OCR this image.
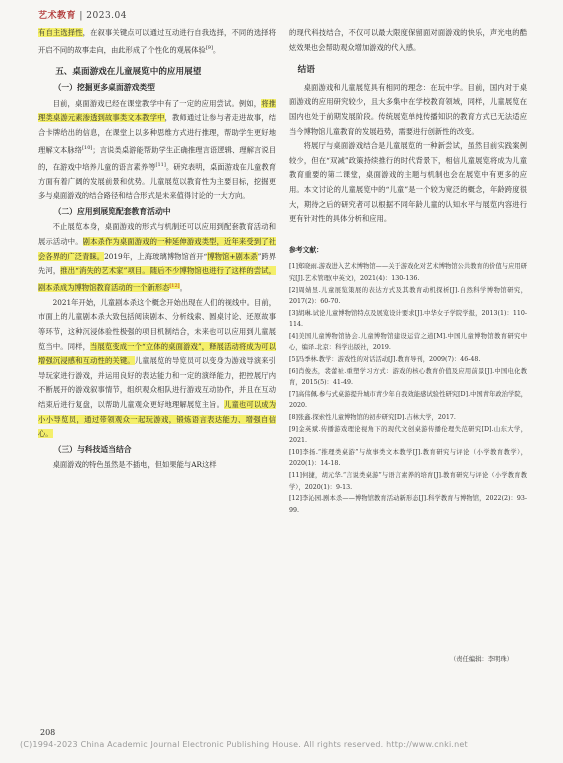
艺术教育 | 2023.04

有自主选择性，在叙事关键点可以通过互动进行自我选择，不同的选择将开启不同的故事走向，由此形成了个性化的观展体验[9]。

五、桌面游戏在儿童展览中的应用展望
（一）挖掘更多桌面游戏类型

目前，桌面游戏已经在课堂教学中有了一定的应用尝试。例如，将推理类桌游元素渗透到故事类文本教学中，教师通过让参与者走进故事，结合卡牌给出的信息，在课堂上以多种思维方式进行推理，帮助学生更好地理解文本脉络[10]；言说类桌游能帮助学生正确推理言语逻辑、理解言说目的，在游戏中培养儿童的语言素养等[11]。研究表明，桌面游戏在儿童教育方面有着广阔的发展前景和优势。儿童展览以教育性为主要目标，挖掘更多与桌面游戏的结合路径和结合形式是未来值得讨论的一大方向。

（二）应用到展览配套教育活动中

不止展览本身，桌面游戏的形式与机制还可以应用到配套教育活动和展示活动中。剧本杀作为桌面游戏的一种延伸游戏类型，近年来受到了社会各界的广泛青睐。2019年，上海玻璃博物馆首开“博物馆+剧本杀”跨界先河，推出“消失的艺术家”项目。随后不少博物馆也进行了这样的尝试，剧本杀成为博物馆教育活动的一个新形态[12]。

2021年开始，儿童剧本杀这个概念开始出现在人们的视线中。目前，市面上的儿童剧本杀大致包括阅读剧本、分析线索、圆桌讨论、还原故事等环节，这种沉浸体验性极强的项目机制结合，未来也可以应用到儿童展览当中。同样，当展览变成一个“立体的桌面游戏”，释展活动将成为可以增强沉浸感和互动性的关键。儿童展览的导览员可以变身为游戏导演来引导玩家进行游戏，并运用良好的表达能力和一定的演绎能力，把控展厅内不断展开的游戏叙事情节，组织观众相队进行游戏互动协作，并且在互动结束后进行复盘，以帮助儿童观众更好地理解展览主旨。儿童也可以成为小小导览员，通过带领观众一起玩游戏，锻炼语言表达能力、增强自信心。

（三）与科技适当结合

桌面游戏的特色虽然是不插电，但如果能与AR这样

的现代科技结合，不仅可以最大限度保留面对面游戏的快乐，声光电的酷炫效果也会帮助观众增加游戏的代入感。

结语

桌面游戏和儿童展览具有相同的理念：在玩中学。目前，国内对于桌面游戏的应用研究较少，且大多集中在学校教育领域，同样，儿童展览在国内也处于前期发展阶段。传统展览单纯传播知识的教育方式已无法适应当今博物馆儿童教育的发展趋势，需要进行创新性的改变。

将展厅与桌面游戏结合是儿童展览的一种新尝试，虽然目前实践案例较少，但在“双减”政策持续推行的时代背景下，相信儿童展览将成为儿童教育重要的第二课堂，桌面游戏的主题与机制也会在展览中有更多的应用。本文讨论的儿童展览中的“儿童”是一个较为宽泛的概念，年龄跨度很大，期待之后的研究者可以根据不同年龄儿童的认知水平与展览内容进行更有针对性的具体分析和应用。

参考文献：

[1]郑晓雨.游戏进入艺术博物馆——关于游戏化对艺术博物馆公共教育的价值与应用研究[J].艺术管理(中英文)，2021(4)：130-136.

[2]周婧昱.儿童展览策展的表达方式及其教育动机探析[J].自然科学博物馆研究，2017(2)：60-70.

[3]胡琳.试论儿童博物馆特点及展览设计要求[J].中华女子学院学报，2013(1)：110-114.

[4]美国儿童博物馆协会.儿童博物馆建设运营之道[M].中国儿童博物馆教育研究中心，编译.北京：科学出版社，2019.

[5]冯季林.教学：游戏性的对话活动[J].教育导刊，2009(7)：46-48.

[6]肖俊杰，裴蕾祉.重塑学习方式：游戏的核心教育价值及应用前景[J].中国电化教育，2015(5)：41-49.

[7]高伟佩.参与式桌游提升城市青少年自我效能感试验性研究[D].中国青年政治学院，2020.

[8]张鑫.探索性儿童博物馆的初步研究[D].吉林大学，2017.

[9]金英斌.传播游戏理论视角下的现代文创桌游传播伦理失范研究[D].山东大学，2021.

[10]李扬.“推理类桌游”与故事类文本教学[J].教育研究与评论（小学教育教学），2020(1)：14-18.

[11]何捷，胡元华.“言说类桌游”与语言素养的培育[J].教育研究与评论（小学教育教学），2020(1)：9-13.

[12]李沁园.剧本杀——博物馆教育活动新形态[J].科学教育与博物馆，2022(2)：93-99.

（责任编辑：李明珠）
208
(C)1994-2023 China Academic Journal Electronic Publishing House. All rights reserved. http://www.cnki.net
